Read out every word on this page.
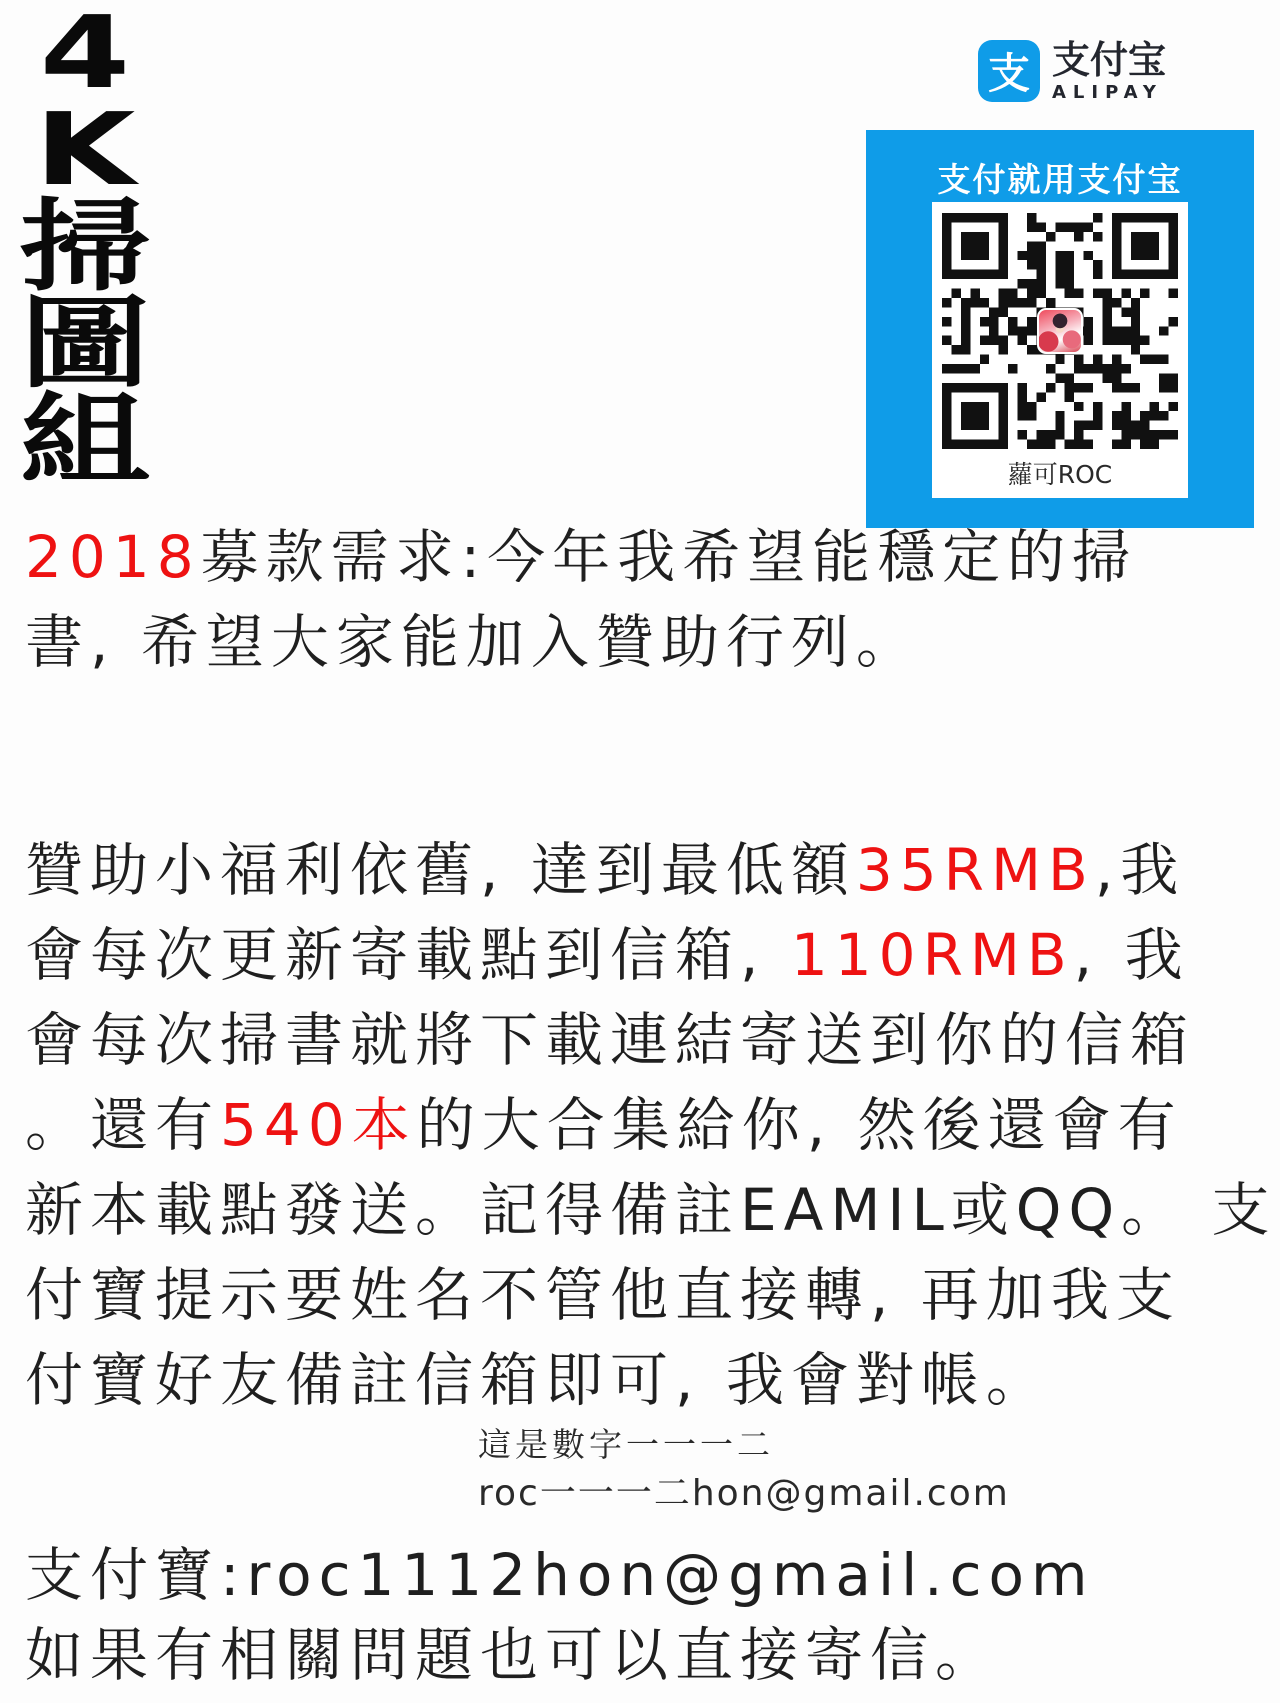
4
K
掃
圖
組
支 支付宝
ALIPAY
支付就用支付宝
蘿可ROC
2018募款需求:今年我希望能穩定的掃
書, 希望大家能加入贊助行列。
贊助小福利依舊, 達到最低額35RMB,我
會每次更新寄載點到信箱, 110RMB, 我
會每次掃書就將下載連結寄送到你的信箱
。還有540本的大合集給你, 然後還會有
新本載點發送。記得備註EAMIL或QQ。 支
付寶提示要姓名不管他直接轉, 再加我支
付寶好友備註信箱即可, 我會對帳。
這是數字一一一二
roc一一一二hon@gmail.com
支付寶:roc1112hon@gmail.com
如果有相關問題也可以直接寄信。
